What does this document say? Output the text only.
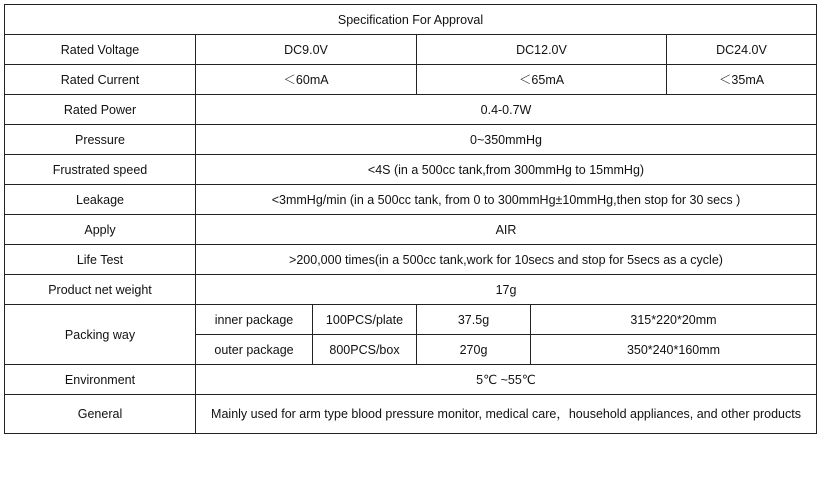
Specification For Approval					
Rated Voltage	DC9.0V		DC12.0V		DC24.0V
Rated Current	＜60mA		＜65mA		＜35mA
Rated Power	0.4-0.7W				
Pressure	0~350mmHg				
Frustrated speed	<4S (in a 500cc tank,from 300mmHg to 15mmHg)				
Leakage	<3mmHg/min (in a 500cc tank, from 0 to 300mmHg±10mmHg,then stop for 30 secs )				
Apply	AIR				
Life Test	>200,000 times(in a 500cc tank,work for 10secs and stop for 5secs as a cycle)				
Product net weight	17g				
Packing way	inner package	100PCS/plate	37.5g	315*220*20mm	
	outer package	800PCS/box	270g	350*240*160mm	
Environment	5℃ ~55℃				
General	Mainly used for arm type blood pressure monitor, medical care，household appliances, and other products				
